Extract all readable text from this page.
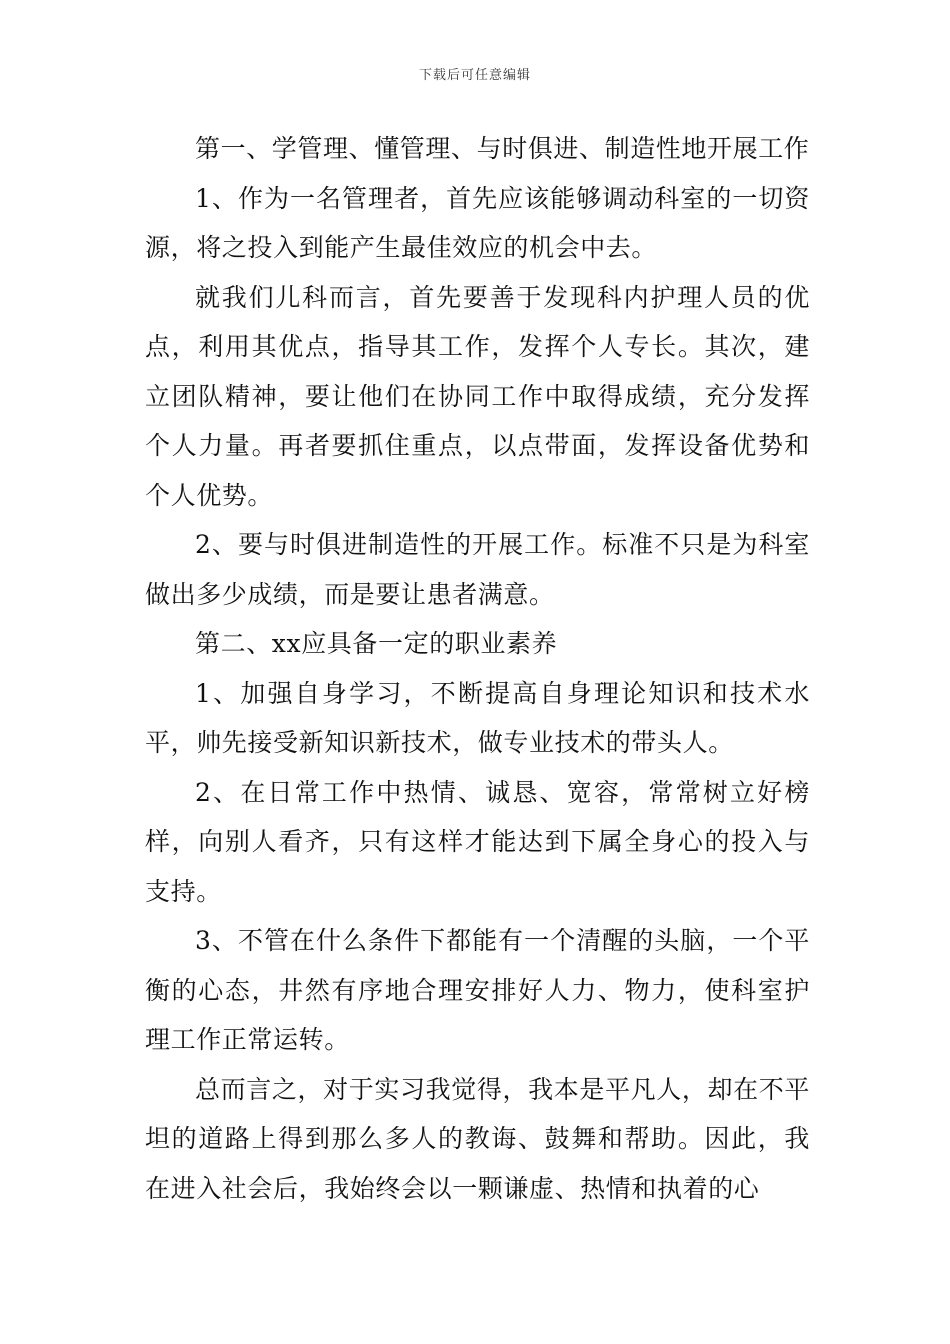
下载后可任意编辑

第一、学管理、懂管理、与时俱进、制造性地开展工作

1、作为一名管理者，首先应该能够调动科室的一切资源，将之投入到能产生最佳效应的机会中去。

就我们儿科而言，首先要善于发现科内护理人员的优点，利用其优点，指导其工作，发挥个人专长。其次，建立团队精神，要让他们在协同工作中取得成绩，充分发挥个人力量。再者要抓住重点，以点带面，发挥设备优势和个人优势。

2、要与时俱进制造性的开展工作。标准不只是为科室做出多少成绩，而是要让患者满意。

第二、xx应具备一定的职业素养

1、加强自身学习，不断提高自身理论知识和技术水平，帅先接受新知识新技术，做专业技术的带头人。

2、在日常工作中热情、诚恳、宽容，常常树立好榜样，向别人看齐，只有这样才能达到下属全身心的投入与支持。

3、不管在什么条件下都能有一个清醒的头脑，一个平衡的心态，井然有序地合理安排好人力、物力，使科室护理工作正常运转。

总而言之，对于实习我觉得，我本是平凡人，却在不平坦的道路上得到那么多人的教诲、鼓舞和帮助。因此，我在进入社会后，我始终会以一颗谦虚、热情和执着的心
